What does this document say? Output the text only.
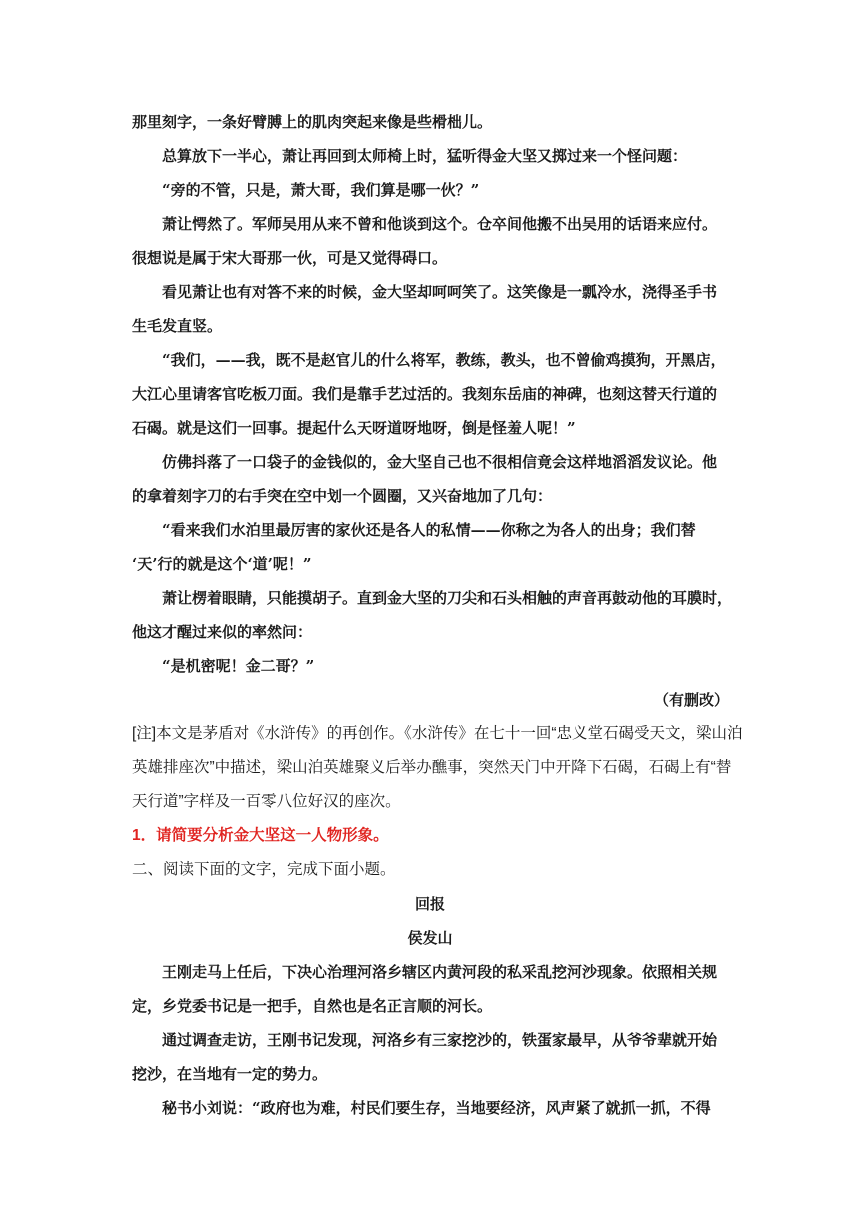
那里刻字，一条好臂膊上的肌肉突起来像是些榾柮儿。
总算放下一半心，萧让再回到太师椅上时，猛听得金大坚又掷过来一个怪问题：
“旁的不管，只是，萧大哥，我们算是哪一伙？”
萧让愕然了。军师吴用从来不曾和他谈到这个。仓卒间他搬不出吴用的话语来应付。
很想说是属于宋大哥那一伙，可是又觉得碍口。
看见萧让也有对答不来的时候，金大坚却呵呵笑了。这笑像是一瓢冷水，浇得圣手书
生毛发直竖。
“我们，——我，既不是赵官儿的什么将军，教练，教头，也不曾偷鸡摸狗，开黑店，
大江心里请客官吃板刀面。我们是靠手艺过活的。我刻东岳庙的神碑，也刻这替天行道的
石碣。就是这们一回事。提起什么天呀道呀地呀，倒是怪羞人呢！”
仿佛抖落了一口袋子的金钱似的，金大坚自己也不很相信竟会这样地滔滔发议论。他
的拿着刻字刀的右手突在空中划一个圆圈，又兴奋地加了几句：
“看来我们水泊里最厉害的家伙还是各人的私情——你称之为各人的出身；我们替
‘天’行的就是这个‘道’呢！”
萧让楞着眼睛，只能摸胡子。直到金大坚的刀尖和石头相触的声音再鼓动他的耳膜时，
他这才醒过来似的率然问：
“是机密呢！金二哥？”
（有删改）
[注]本文是茅盾对《水浒传》的再创作。《水浒传》在七十一回“忠义堂石碣受天文，梁山泊
英雄排座次”中描述，梁山泊英雄聚义后举办醮事，突然天门中开降下石碣，石碣上有“替
天行道”字样及一百零八位好汉的座次。
1．请简要分析金大坚这一人物形象。
二、阅读下面的文字，完成下面小题。
回报
侯发山
王刚走马上任后，下决心治理河洛乡辖区内黄河段的私采乱挖河沙现象。依照相关规
定，乡党委书记是一把手，自然也是名正言顺的河长。
通过调查走访，王刚书记发现，河洛乡有三家挖沙的，铁蛋家最早，从爷爷辈就开始
挖沙，在当地有一定的势力。
秘书小刘说：“政府也为难，村民们要生存，当地要经济，风声紧了就抓一抓，不得
